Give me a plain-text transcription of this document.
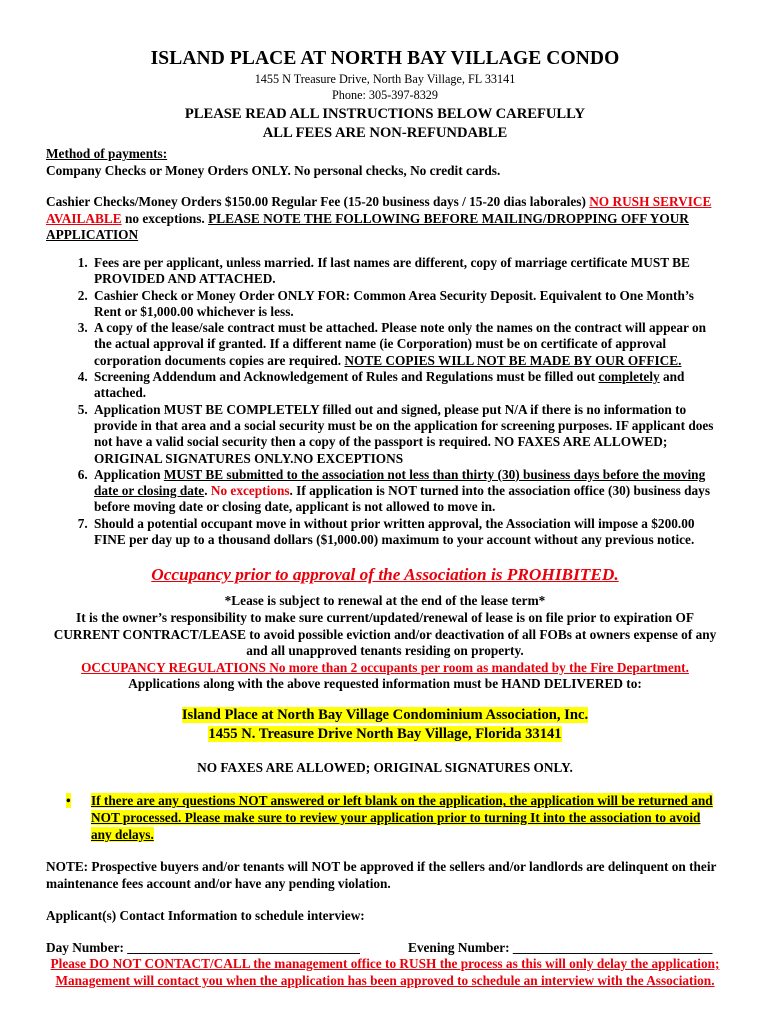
ISLAND PLACE AT NORTH BAY VILLAGE CONDO
1455 N Treasure Drive, North Bay Village, FL 33141
Phone: 305-397-8329
PLEASE READ ALL INSTRUCTIONS BELOW CAREFULLY
ALL FEES ARE NON-REFUNDABLE
Method of payments:
Company Checks or Money Orders ONLY. No personal checks, No credit cards.
Cashier Checks/Money Orders $150.00 Regular Fee (15-20 business days / 15-20 dias laborales) NO RUSH SERVICE AVAILABLE no exceptions. PLEASE NOTE THE FOLLOWING BEFORE MAILING/DROPPING OFF YOUR APPLICATION
1. Fees are per applicant, unless married. If last names are different, copy of marriage certificate MUST BE PROVIDED AND ATTACHED.
2. Cashier Check or Money Order ONLY FOR: Common Area Security Deposit. Equivalent to One Month’s Rent or $1,000.00 whichever is less.
3. A copy of the lease/sale contract must be attached. Please note only the names on the contract will appear on the actual approval if granted. If a different name (ie Corporation) must be on certificate of approval corporation documents copies are required. NOTE COPIES WILL NOT BE MADE BY OUR OFFICE.
4. Screening Addendum and Acknowledgement of Rules and Regulations must be filled out completely and attached.
5. Application MUST BE COMPLETELY filled out and signed, please put N/A if there is no information to provide in that area and a social security must be on the application for screening purposes. IF applicant does not have a valid social security then a copy of the passport is required. NO FAXES ARE ALLOWED; ORIGINAL SIGNATURES ONLY.NO EXCEPTIONS
6. Application MUST BE submitted to the association not less than thirty (30) business days before the moving date or closing date. No exceptions. If application is NOT turned into the association office (30) business days before moving date or closing date, applicant is not allowed to move in.
7. Should a potential occupant move in without prior written approval, the Association will impose a $200.00 FINE per day up to a thousand dollars ($1,000.00) maximum to your account without any previous notice.
Occupancy prior to approval of the Association is PROHIBITED.
*Lease is subject to renewal at the end of the lease term*
It is the owner’s responsibility to make sure current/updated/renewal of lease is on file prior to expiration OF CURRENT CONTRACT/LEASE to avoid possible eviction and/or deactivation of all FOBs at owners expense of any and all unapproved tenants residing on property.
OCCUPANCY REGULATIONS No more than 2 occupants per room as mandated by the Fire Department.
Applications along with the above requested information must be HAND DELIVERED to:
Island Place at North Bay Village Condominium Association, Inc.
1455 N. Treasure Drive North Bay Village, Florida 33141
NO FAXES ARE ALLOWED; ORIGINAL SIGNATURES ONLY.
•	If there are any questions NOT answered or left blank on the application, the application will be returned and NOT processed. Please make sure to review your application prior to turning It into the association to avoid any delays.
NOTE: Prospective buyers and/or tenants will NOT be approved if the sellers and/or landlords are delinquent on their maintenance fees account and/or have any pending violation.
Applicant(s) Contact Information to schedule interview:
Day Number: ___________________________________	Evening Number: ______________________________
Please DO NOT CONTACT/CALL the management office to RUSH the process as this will only delay the application; Management will contact you when the application has been approved to schedule an interview with the Association.
